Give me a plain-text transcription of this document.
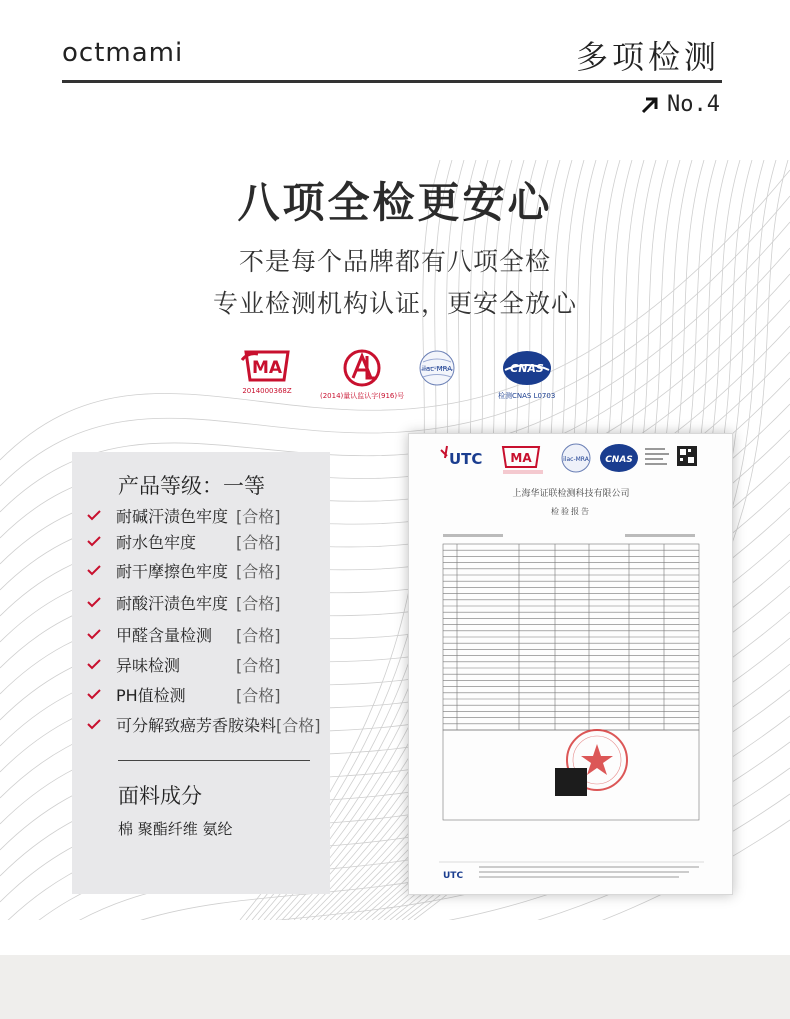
octmami	多项检测
No.4
八项全检更安心
不是每个品牌都有八项全检
专业检测机构认证，更安全放心
MA
2014000368Z
(2014)量认监认字(916)号
ilac-MRA	CNAS
检测CNAS L0703
产品等级：一等
耐碱汗渍色牢度 [合格]
耐水色牢度	[合格]
耐干摩擦色牢度 [合格]
耐酸汗渍色牢度 [合格]
甲醛含量检测	[合格]
异味检测	[合格]
PH值检测	[合格]
可分解致癌芳香胺染料 [合格]
面料成分
棉 聚酯纤维 氨纶
UTC MA	ilac-MRA CNAS
上海华证联检测科技有限公司
检验报告
UTC
